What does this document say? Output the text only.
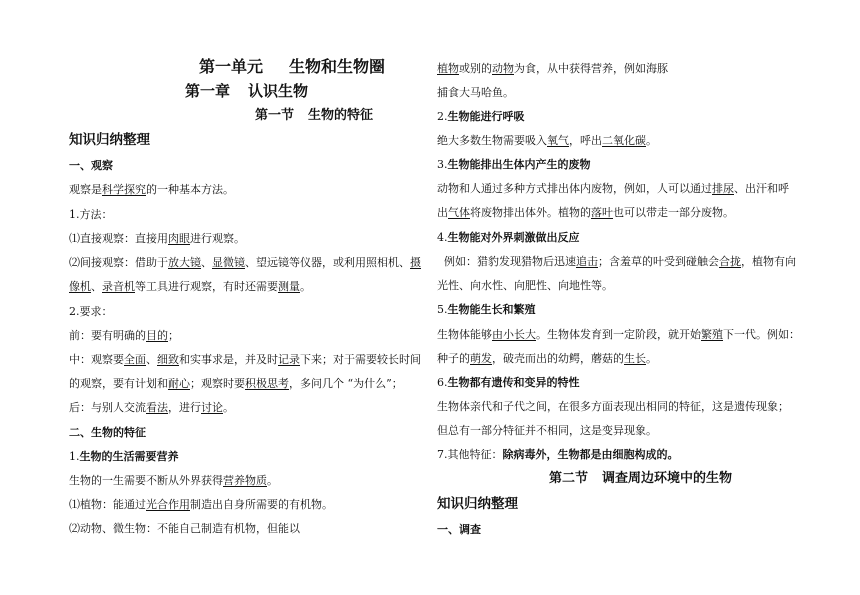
第一单元 生物和生物圈
第一章 认识生物
第一节 生物的特征
知识归纳整理
一、观察
观察是科学探究的一种基本方法。
1.方法：
⑴直接观察：直接用肉眼进行观察。
⑵间接观察：借助于放大镜、显微镜、望远镜等仪器，或利用照相机、摄
像机、录音机等工具进行观察，有时还需要测量。
2.要求：
前：要有明确的目的；
中：观察要全面、细致和实事求是，并及时记录下来；对于需要较长时间
的观察，要有计划和耐心；观察时要积极思考，多问几个 “为什么”；
后：与别人交流看法，进行讨论。
二、生物的特征
1.生物的生活需要营养
生物的一生需要不断从外界获得营养物质。
⑴植物：能通过光合作用制造出自身所需要的有机物。
⑵动物、微生物：不能自己制造有机物，但能以
植物或别的动物为食，从中获得营养，例如海豚
捕食大马哈鱼。
2.生物能进行呼吸
绝大多数生物需要吸入氧气，呼出二氧化碳。
3.生物能排出生体内产生的废物
动物和人通过多种方式排出体内废物，例如，人可以通过排尿、出汗和呼
出气体将废物排出体外。植物的落叶也可以带走一部分废物。
4.生物能对外界刺激做出反应
例如：猎豹发现猎物后迅速追击；含羞草的叶受到碰触会合拢，植物有向
光性、向水性、向肥性、向地性等。
5.生物能生长和繁殖
生物体能够由小长大。生物体发育到一定阶段，就开始繁殖下一代。例如：
种子的萌发，破壳而出的幼鳄，蘑菇的生长。
6.生物都有遗传和变异的特性
生物体亲代和子代之间，在很多方面表现出相同的特征，这是遗传现象；
但总有一部分特征并不相同，这是变异现象。
7.其他特征：除病毒外，生物都是由细胞构成的。
第二节 调查周边环境中的生物
知识归纳整理
一、调查
